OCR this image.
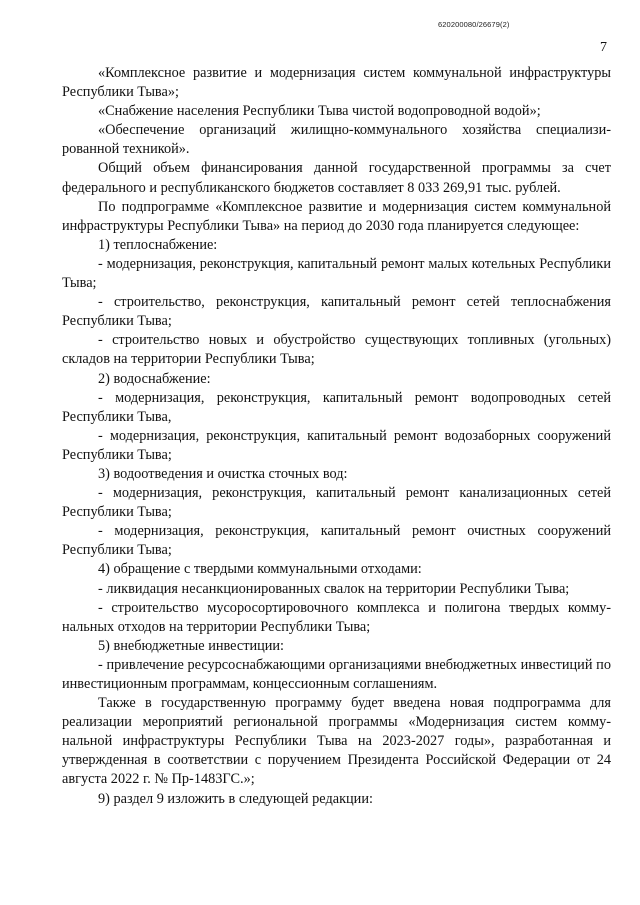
620200080/26679(2)
7

«Комплексное развитие и модернизация систем коммунальной инфраструктуры Республики Тыва»;

«Снабжение населения Республики Тыва чистой водопроводной водой»;

«Обеспечение организаций жилищно-коммунального хозяйства специализированной техникой».

Общий объем финансирования данной государственной программы за счет федерального и республиканского бюджетов составляет 8 033 269,91 тыс. рублей.

По подпрограмме «Комплексное развитие и модернизация систем коммунальной инфраструктуры Республики Тыва» на период до 2030 года планируется следующее:

1) теплоснабжение:

- модернизация, реконструкция, капитальный ремонт малых котельных Республики Тыва;

- строительство, реконструкция, капитальный ремонт сетей теплоснабжения Республики Тыва;

- строительство новых и обустройство существующих топливных (угольных) складов на территории Республики Тыва;

2) водоснабжение:

- модернизация, реконструкция, капитальный ремонт водопроводных сетей Республики Тыва,

- модернизация, реконструкция, капитальный ремонт водозаборных сооружений Республики Тыва;

3) водоотведения и очистка сточных вод:

- модернизация, реконструкция, капитальный ремонт канализационных сетей Республики Тыва;

- модернизация, реконструкция, капитальный ремонт очистных сооружений Республики Тыва;

4) обращение с твердыми коммунальными отходами:

- ликвидация несанкционированных свалок на территории Республики Тыва;

- строительство мусоросортировочного комплекса и полигона твердых коммунальных отходов на территории Республики Тыва;

5) внебюджетные инвестиции:

- привлечение ресурсоснабжающими организациями внебюджетных инвестиций по инвестиционным программам, концессионным соглашениям.

Также в государственную программу будет введена новая подпрограмма для реализации мероприятий региональной программы «Модернизация систем коммунальной инфраструктуры Республики Тыва на 2023-2027 годы», разработанная и утвержденная в соответствии с поручением Президента Российской Федерации от 24 августа 2022 г. № Пр-1483ГС.»;

9) раздел 9 изложить в следующей редакции:
